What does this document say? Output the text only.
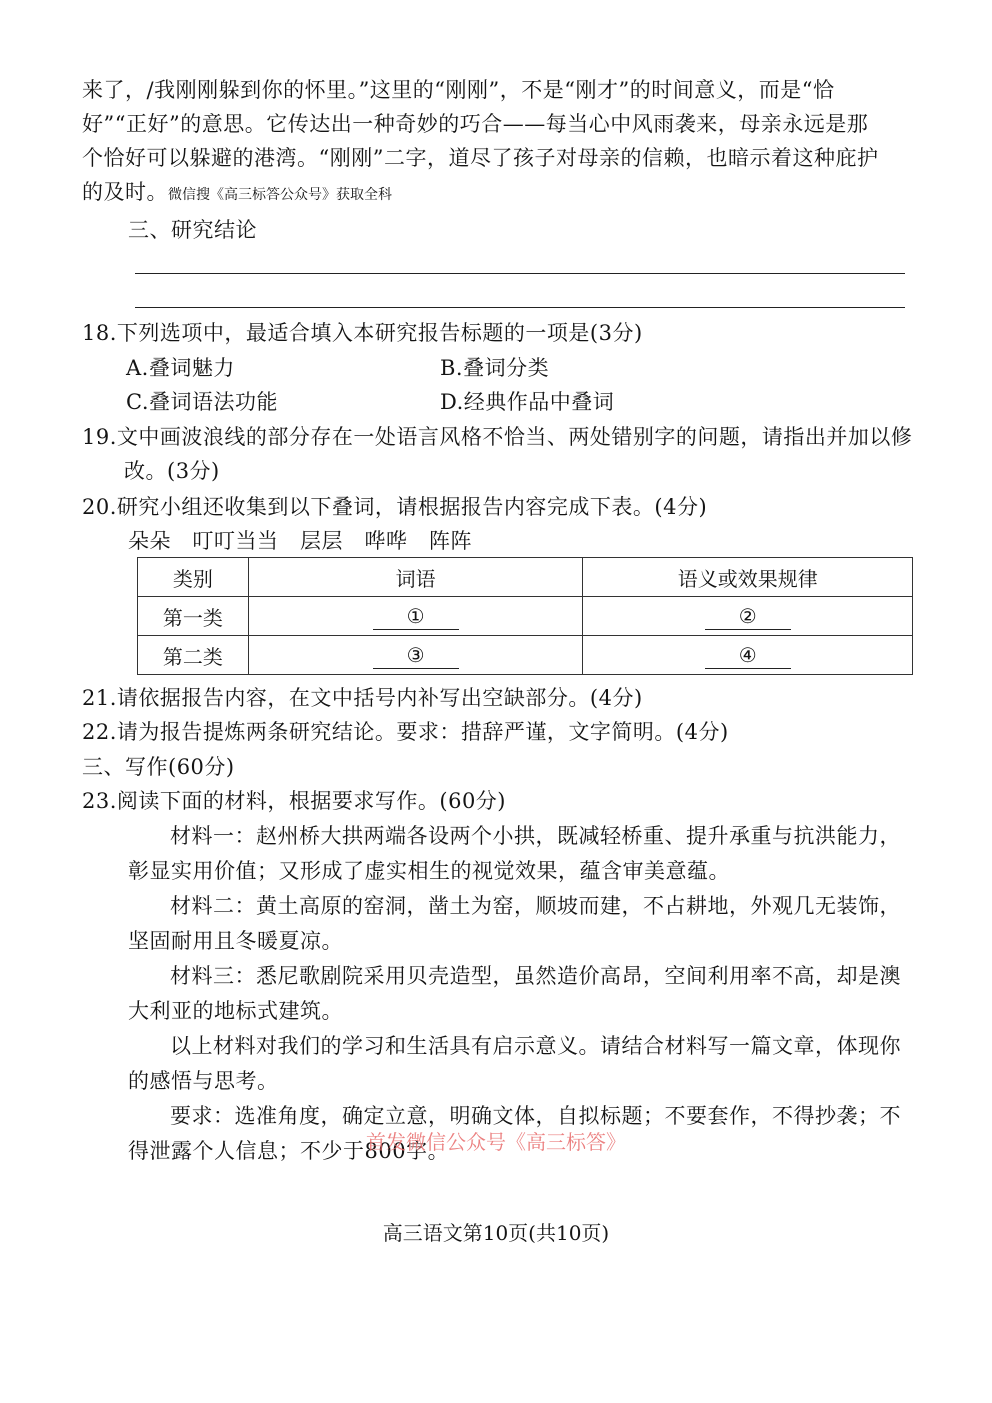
来了，/我刚刚躲到你的怀里。”这里的“刚刚”，不是“刚才”的时间意义，而是“恰
好”“正好”的意思。它传达出一种奇妙的巧合——每当心中风雨袭来，母亲永远是那
个恰好可以躲避的港湾。“刚刚”二字，道尽了孩子对母亲的信赖，也暗示着这种庇护
的及时。微信搜《高三标答公众号》获取全科
三、研究结论
18.下列选项中，最适合填入本研究报告标题的一项是(3分)
A.叠词魅力	B.叠词分类
C.叠词语法功能	D.经典作品中叠词
19.文中画波浪线的部分存在一处语言风格不恰当、两处错别字的问题，请指出并加以修
改。(3分)
20.研究小组还收集到以下叠词，请根据报告内容完成下表。(4分)
朵朵　叮叮当当　层层　哗哗　阵阵
类别	词语	语义或效果规律
第一类	①	②
第二类	③	④
21.请依据报告内容，在文中括号内补写出空缺部分。(4分)
22.请为报告提炼两条研究结论。要求：措辞严谨，文字简明。(4分)
三、写作(60分)
23.阅读下面的材料，根据要求写作。(60分)
材料一：赵州桥大拱两端各设两个小拱，既减轻桥重、提升承重与抗洪能力，
彰显实用价值；又形成了虚实相生的视觉效果，蕴含审美意蕴。
材料二：黄土高原的窑洞，凿土为窑，顺坡而建，不占耕地，外观几无装饰，
坚固耐用且冬暖夏凉。
材料三：悉尼歌剧院采用贝壳造型，虽然造价高昂，空间利用率不高，却是澳
大利亚的地标式建筑。
以上材料对我们的学习和生活具有启示意义。请结合材料写一篇文章，体现你
的感悟与思考。
要求：选准角度，确定立意，明确文体，自拟标题；不要套作，不得抄袭；不
得泄露个人信息；不少于800字。
首发微信公众号《高三标答》
高三语文第10页(共10页)
